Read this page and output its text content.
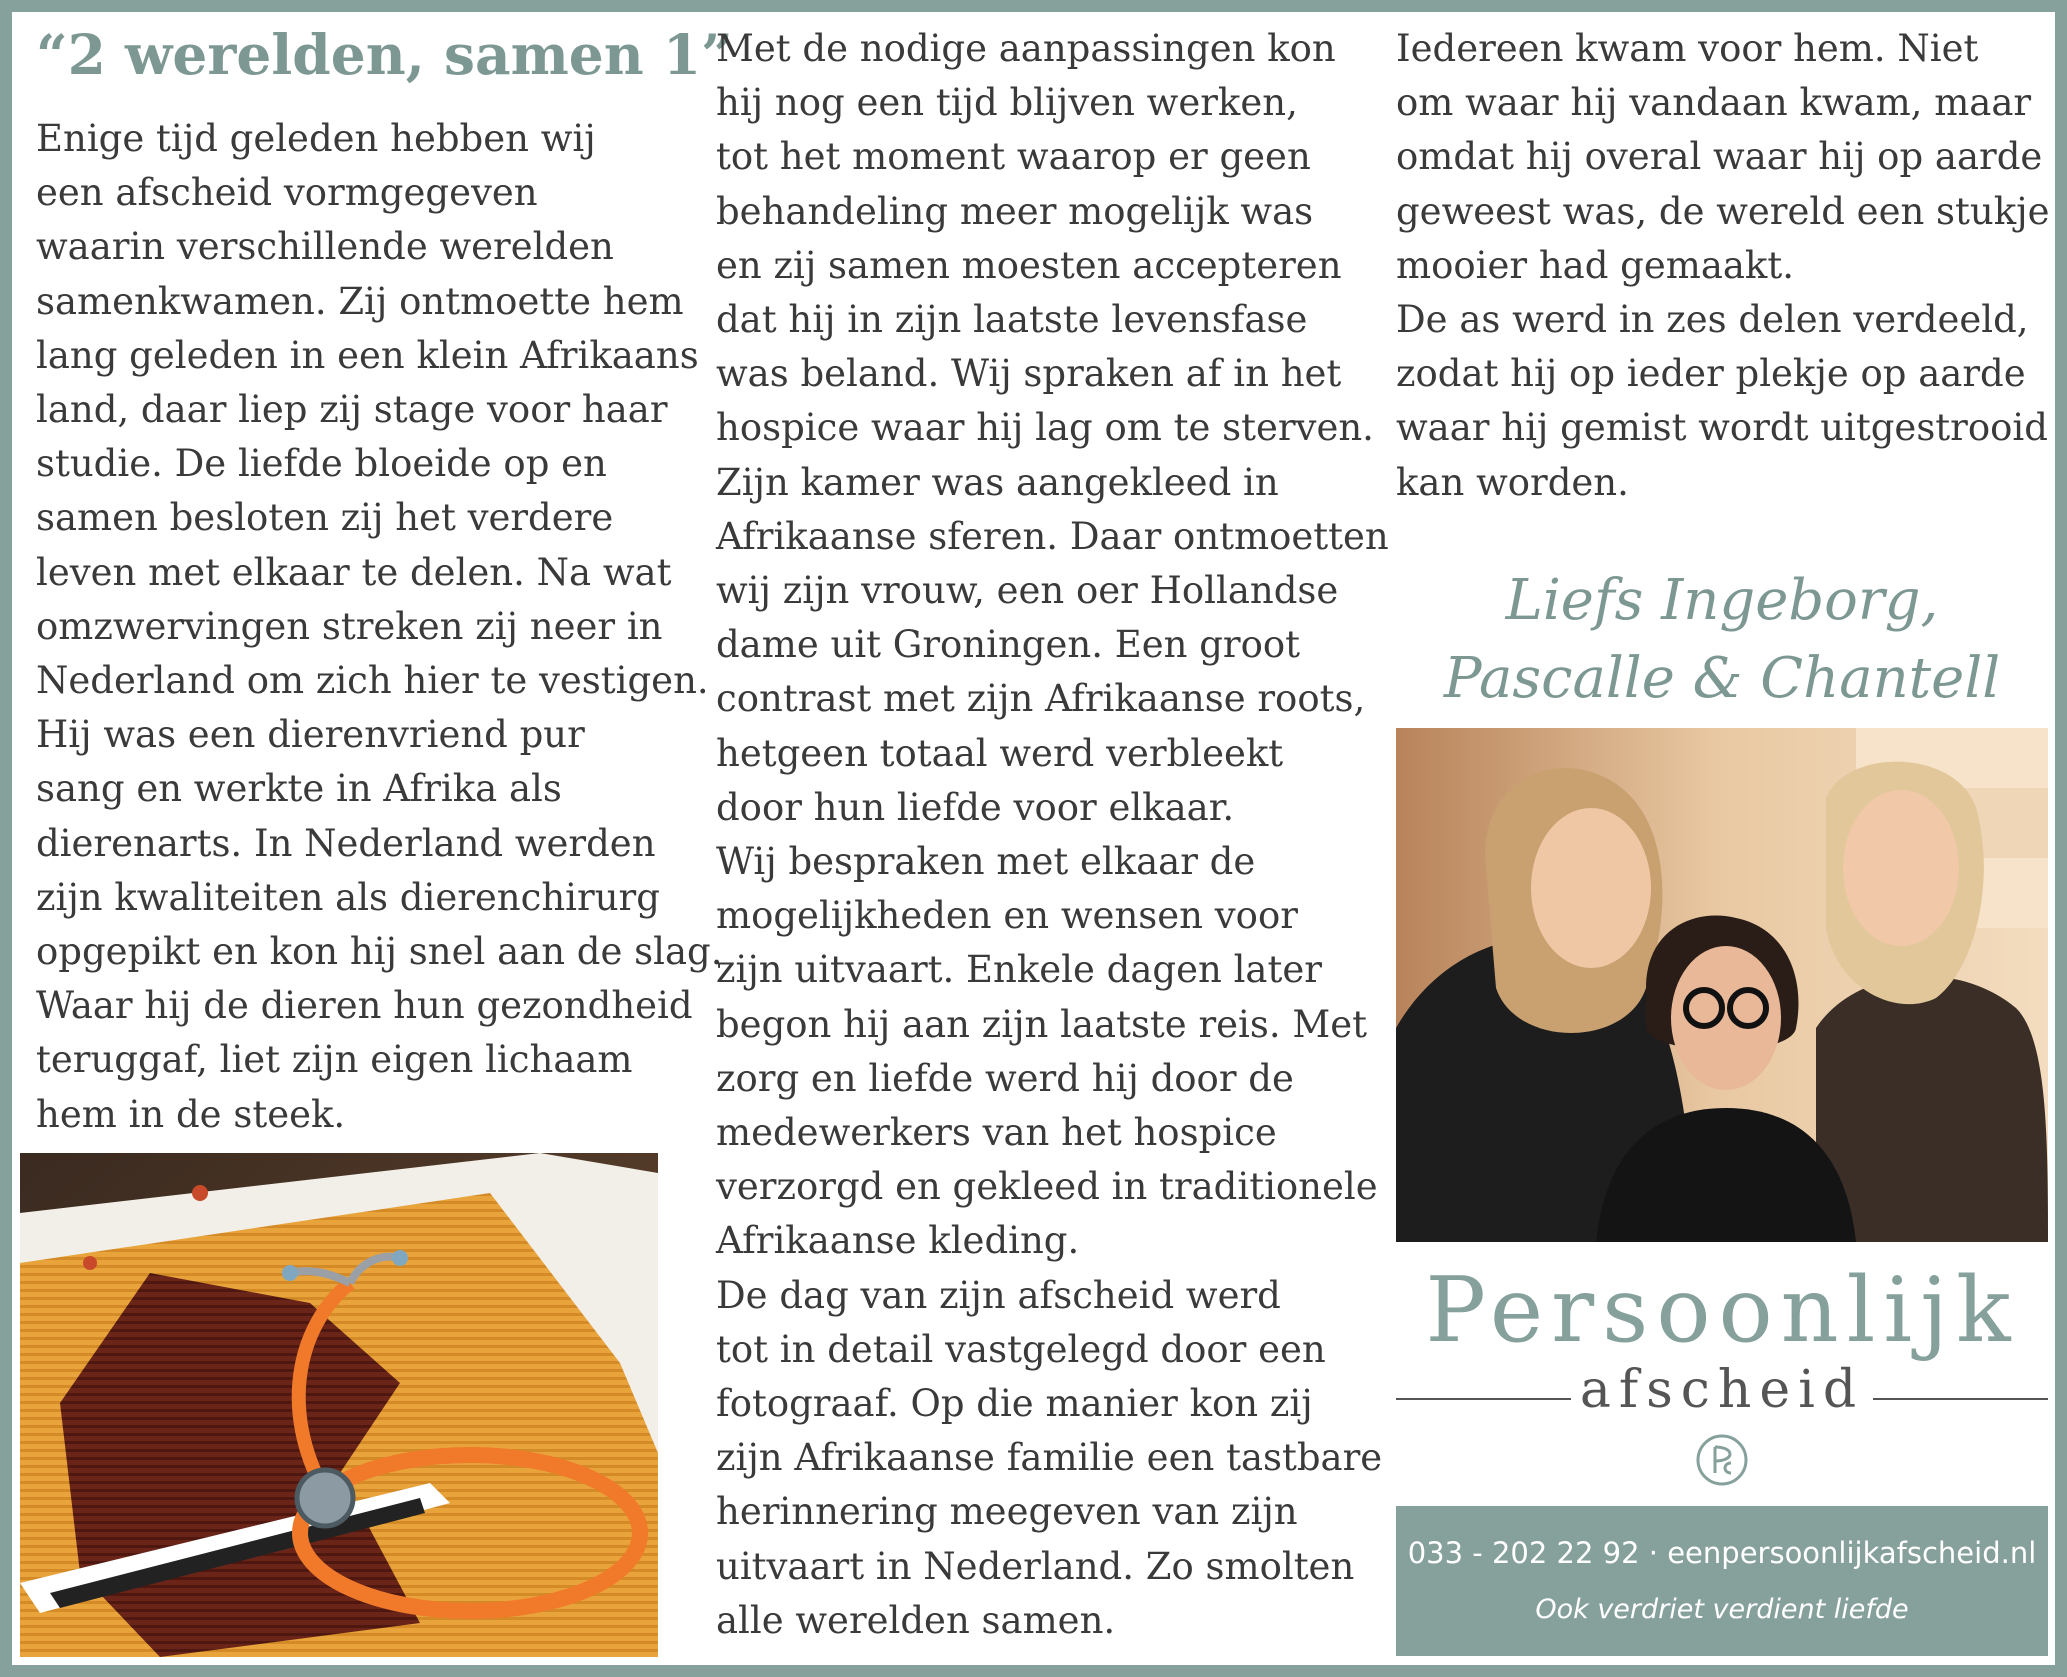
“2 werelden, samen 1”

Enige tijd geleden hebben wij

een afscheid vormgegeven

waarin verschillende werelden

samenkwamen. Zij ontmoette hem

lang geleden in een klein Afrikaans

land, daar liep zij stage voor haar

studie. De liefde bloeide op en

samen besloten zij het verdere

leven met elkaar te delen. Na wat

omzwervingen streken zij neer in

Nederland om zich hier te vestigen.

Hij was een dierenvriend pur

sang en werkte in Afrika als

dierenarts. In Nederland werden

zijn kwaliteiten als dierenchirurg

opgepikt en kon hij snel aan de slag.

Waar hij de dieren hun gezondheid

teruggaf, liet zijn eigen lichaam

hem in de steek.

Met de nodige aanpassingen kon

hij nog een tijd blijven werken,

tot het moment waarop er geen

behandeling meer mogelijk was

en zij samen moesten accepteren

dat hij in zijn laatste levensfase

was beland. Wij spraken af in het

hospice waar hij lag om te sterven.

Zijn kamer was aangekleed in

Afrikaanse sferen. Daar ontmoetten

wij zijn vrouw, een oer Hollandse

dame uit Groningen. Een groot

contrast met zijn Afrikaanse roots,

hetgeen totaal werd verbleekt

door hun liefde voor elkaar.

Wij bespraken met elkaar de

mogelijkheden en wensen voor

zijn uitvaart. Enkele dagen later

begon hij aan zijn laatste reis. Met

zorg en liefde werd hij door de

medewerkers van het hospice

verzorgd en gekleed in traditionele

Afrikaanse kleding.

De dag van zijn afscheid werd

tot in detail vastgelegd door een

fotograaf. Op die manier kon zij

zijn Afrikaanse familie een tastbare

herinnering meegeven van zijn

uitvaart in Nederland. Zo smolten

alle werelden samen.

Iedereen kwam voor hem. Niet

om waar hij vandaan kwam, maar

omdat hij overal waar hij op aarde

geweest was, de wereld een stukje

mooier had gemaakt.

De as werd in zes delen verdeeld,

zodat hij op ieder plekje op aarde

waar hij gemist wordt uitgestrooid

kan worden.

Liefs Ingeborg,

Pascalle & Chantell

Persoonlijk
afscheid
033 - 202 22 92 · eenpersoonlijkafscheid.nl
Ook verdriet verdient liefde
